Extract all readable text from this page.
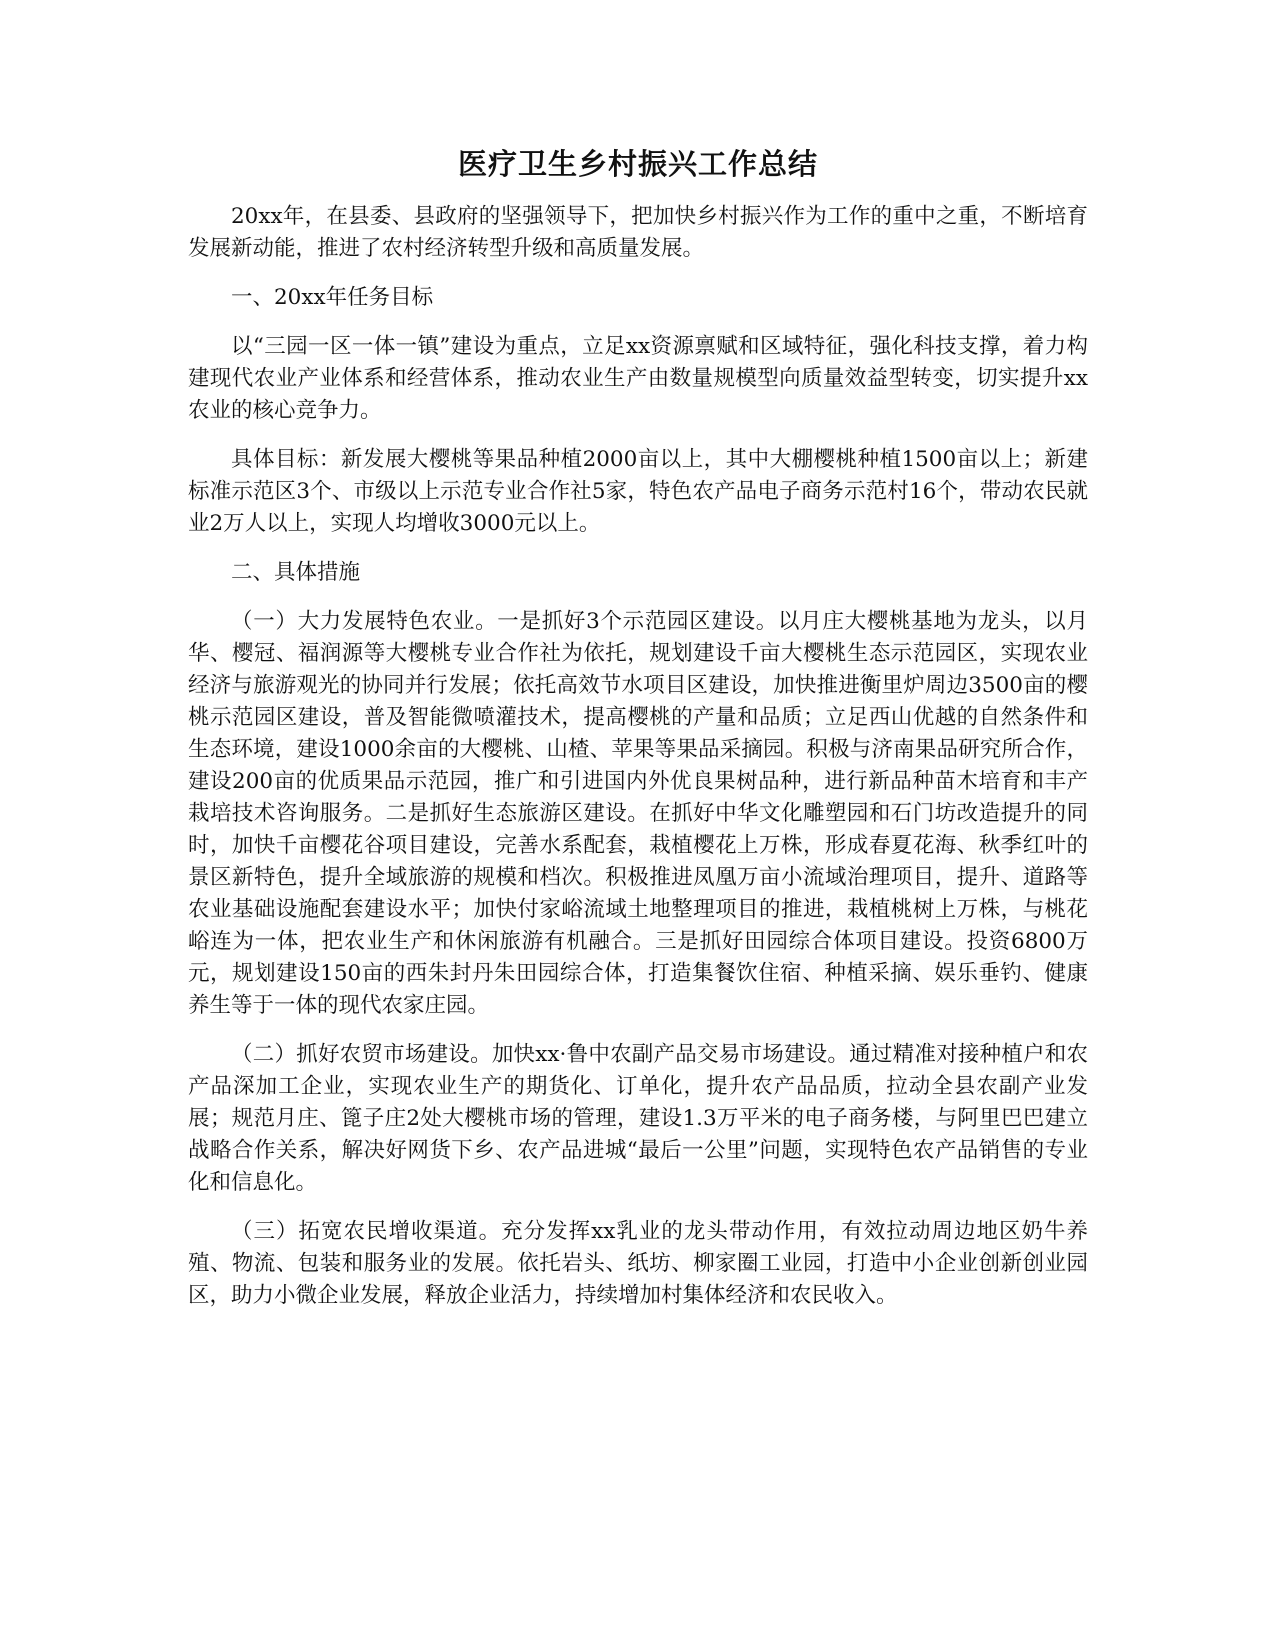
医疗卫生乡村振兴工作总结

20xx年，在县委、县政府的坚强领导下，把加快乡村振兴作为工作的重中之重，不断培育发展新动能，推进了农村经济转型升级和高质量发展。

一、20xx年任务目标

以“三园一区一体一镇”建设为重点，立足xx资源禀赋和区域特征，强化科技支撑，着力构建现代农业产业体系和经营体系，推动农业生产由数量规模型向质量效益型转变，切实提升xx农业的核心竞争力。

具体目标：新发展大樱桃等果品种植2000亩以上，其中大棚樱桃种植1500亩以上；新建标准示范区3个、市级以上示范专业合作社5家，特色农产品电子商务示范村16个，带动农民就业2万人以上，实现人均增收3000元以上。

二、具体措施

（一）大力发展特色农业。一是抓好3个示范园区建设。以月庄大樱桃基地为龙头，以月华、樱冠、福润源等大樱桃专业合作社为依托，规划建设千亩大樱桃生态示范园区，实现农业经济与旅游观光的协同并行发展；依托高效节水项目区建设，加快推进衡里炉周边3500亩的樱桃示范园区建设，普及智能微喷灌技术，提高樱桃的产量和品质；立足西山优越的自然条件和生态环境，建设1000余亩的大樱桃、山楂、苹果等果品采摘园。积极与济南果品研究所合作，建设200亩的优质果品示范园，推广和引进国内外优良果树品种，进行新品种苗木培育和丰产栽培技术咨询服务。二是抓好生态旅游区建设。在抓好中华文化雕塑园和石门坊改造提升的同时，加快千亩樱花谷项目建设，完善水系配套，栽植樱花上万株，形成春夏花海、秋季红叶的景区新特色，提升全域旅游的规模和档次。积极推进凤凰万亩小流域治理项目，提升、道路等农业基础设施配套建设水平；加快付家峪流域土地整理项目的推进，栽植桃树上万株，与桃花峪连为一体，把农业生产和休闲旅游有机融合。三是抓好田园综合体项目建设。投资6800万元，规划建设150亩的西朱封丹朱田园综合体，打造集餐饮住宿、种植采摘、娱乐垂钓、健康养生等于一体的现代农家庄园。

（二）抓好农贸市场建设。加快xx·鲁中农副产品交易市场建设。通过精准对接种植户和农产品深加工企业，实现农业生产的期货化、订单化，提升农产品品质，拉动全县农副产业发展；规范月庄、篦子庄2处大樱桃市场的管理，建设1.3万平米的电子商务楼，与阿里巴巴建立战略合作关系，解决好网货下乡、农产品进城“最后一公里”问题，实现特色农产品销售的专业化和信息化。

（三）拓宽农民增收渠道。充分发挥xx乳业的龙头带动作用，有效拉动周边地区奶牛养殖、物流、包装和服务业的发展。依托岩头、纸坊、柳家圈工业园，打造中小企业创新创业园区，助力小微企业发展，释放企业活力，持续增加村集体经济和农民收入。
